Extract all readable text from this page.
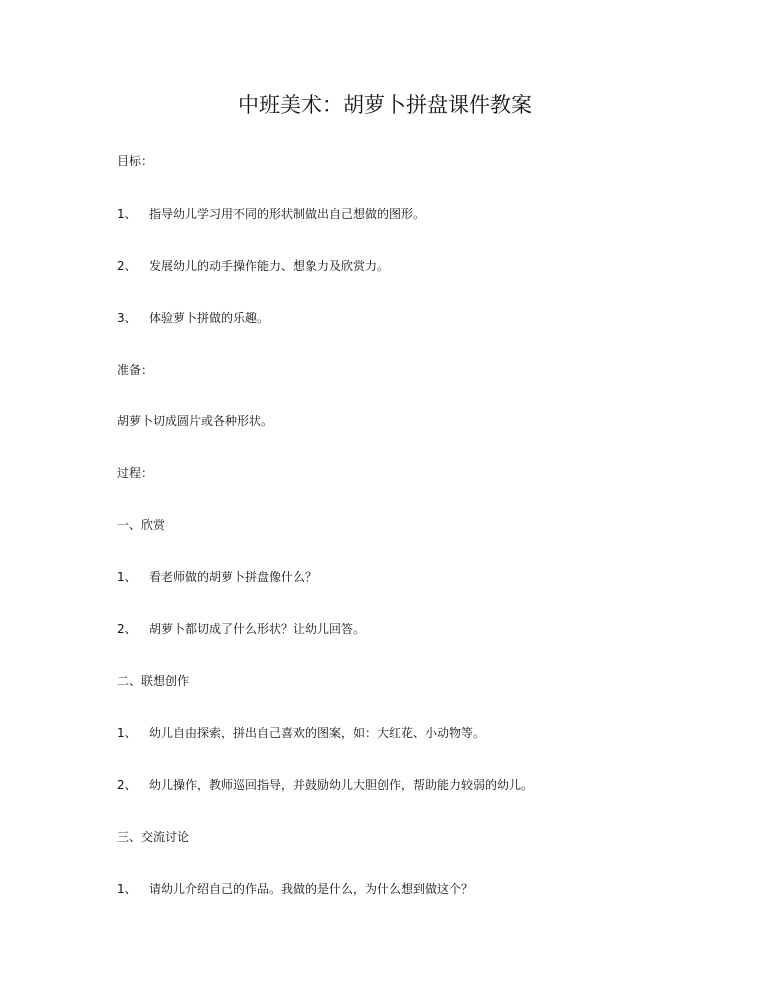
中班美术：胡萝卜拼盘课件教案

目标：

1、 指导幼儿学习用不同的形状制做出自己想做的图形。

2、 发展幼儿的动手操作能力、想象力及欣赏力。

3、 体验萝卜拼做的乐趣。

准备：

胡萝卜切成圆片或各种形状。

过程：

一、欣赏

1、 看老师做的胡萝卜拼盘像什么？

2、 胡萝卜都切成了什么形状？让幼儿回答。

二、联想创作

1、 幼儿自由探索，拼出自己喜欢的图案，如：大红花、小动物等。

2、 幼儿操作，教师巡回指导，并鼓励幼儿大胆创作，帮助能力较弱的幼儿。

三、交流讨论

1、 请幼儿介绍自己的作品。我做的是什么，为什么想到做这个？
